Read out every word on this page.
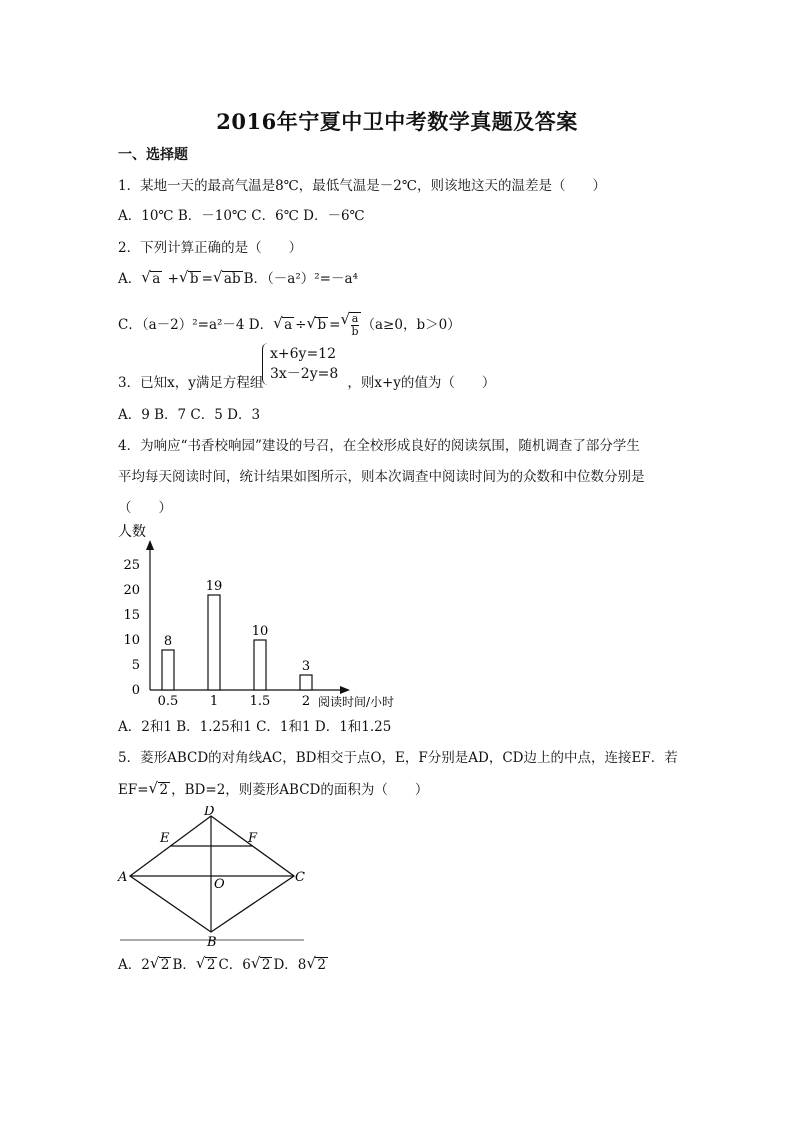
2016年宁夏中卫中考数学真题及答案
一、选择题
1．某地一天的最高气温是8℃，最低气温是－2℃，则该地这天的温差是（　　）
A．10℃ B．－10℃ C．6℃ D．－6℃
2．下列计算正确的是（　　）
A． √ a + √ b = √ ab B．（－a²）²=－a⁴
C．（a－2）²=a²－4 D． √ a ÷ √ b = √ $\frac{a}{b} (a\ge 0$，b＞0）
x+6y=12
3x－2y=8
3．已知x，y满足方程组	，则x+y的值为（　　）
A．9 B．7 C．5 D．3
4．为响应“书香校响园”建设的号召，在全校形成良好的阅读氛围，随机调查了部分学生
平均每天阅读时间，统计结果如图所示，则本次调查中阅读时间为的众数和中位数分别是
（　　）
人数
阅读时间/小时
0
5
10
15
20
25
8
0.5
19
1
10
1.5
3
2
A．2和1 B．1.25和1 C．1和1 D．1和1.25
5．菱形ABCD的对角线AC，BD相交于点O，E，F分别是AD，CD边上的中点，连接EF．若
EF= √ 2 ，BD=2，则菱形ABCD的面积为（　　）
D
E	F
A	O	C
B
A．2 √ 2 B． √ 2 C．6 √ 2 D．8 √ 2
